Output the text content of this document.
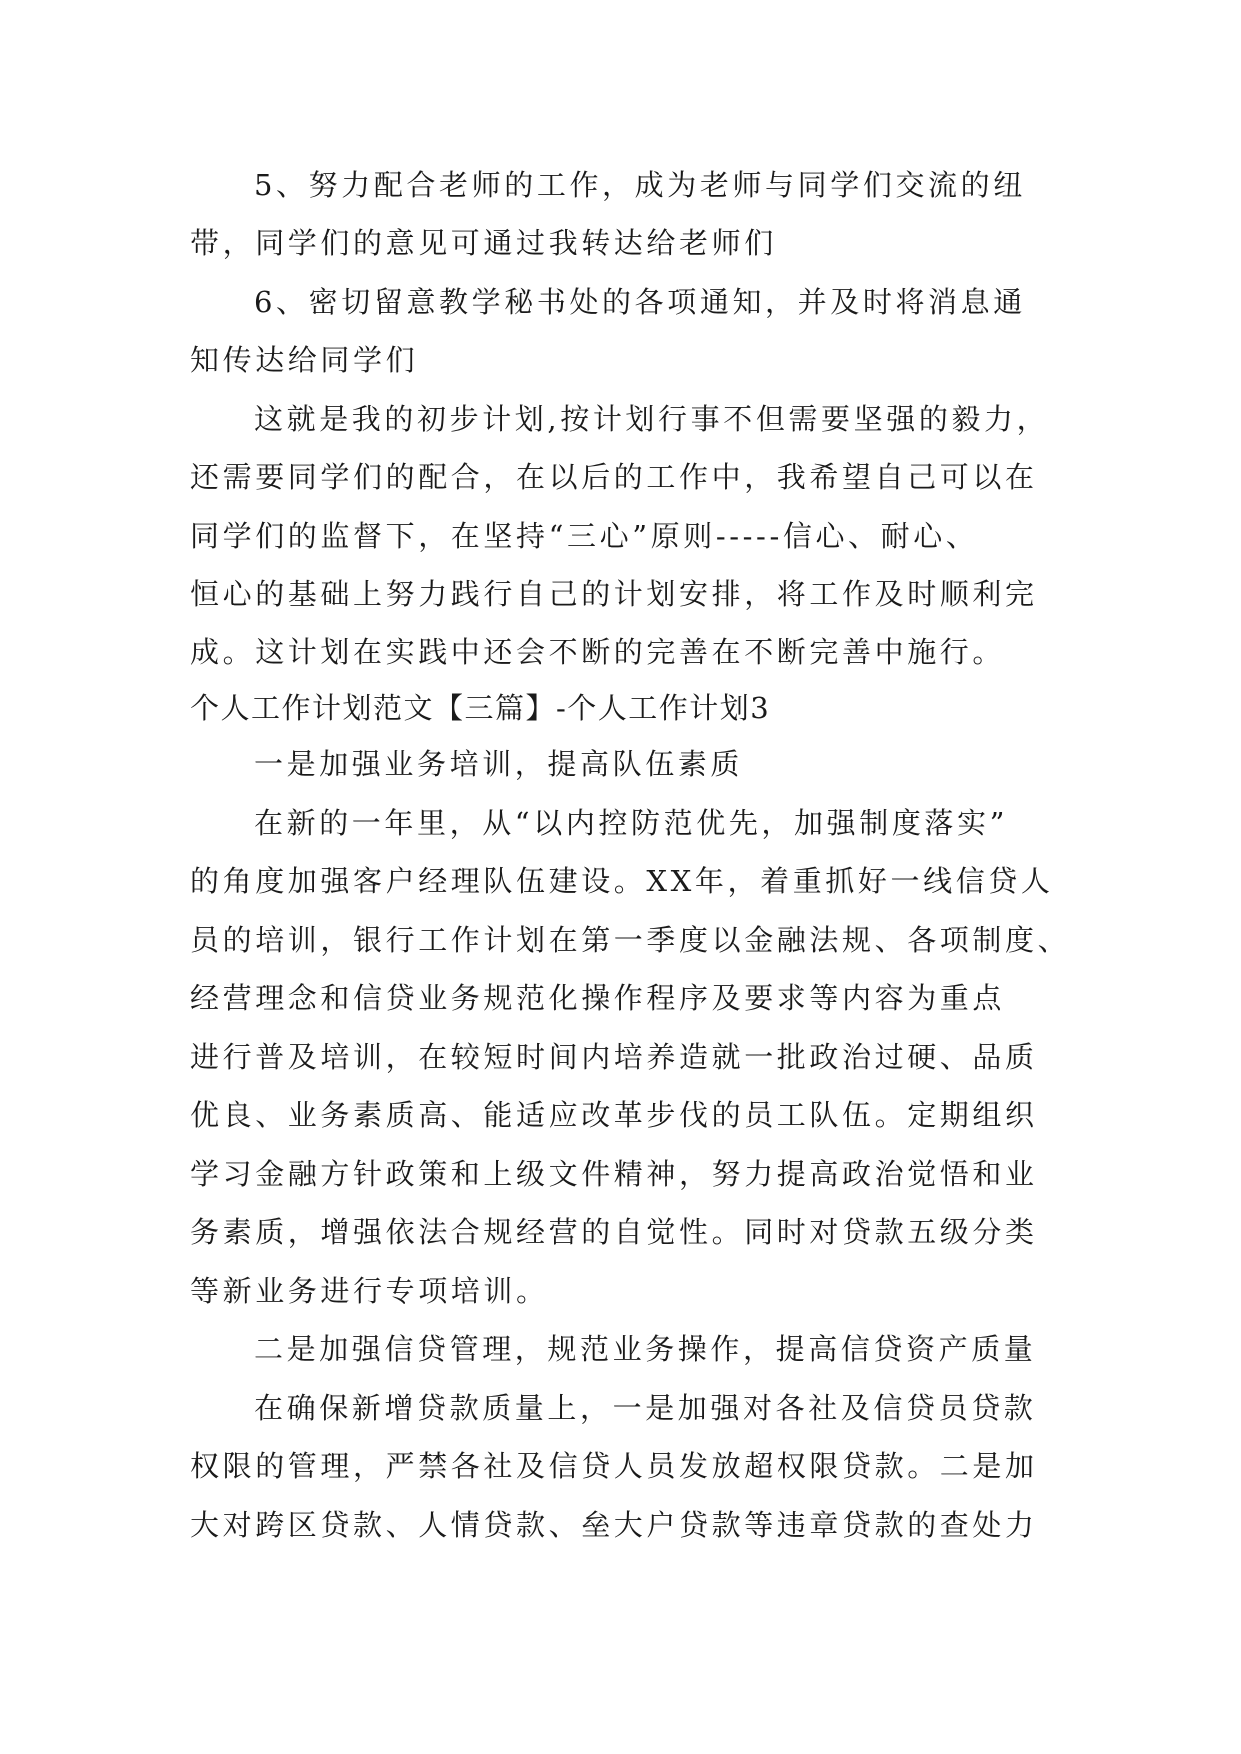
5、努力配合老师的工作，成为老师与同学们交流的纽
带，同学们的意见可通过我转达给老师们
6、密切留意教学秘书处的各项通知，并及时将消息通
知传达给同学们
这就是我的初步计划,按计划行事不但需要坚强的毅力，
还需要同学们的配合，在以后的工作中，我希望自己可以在
同学们的监督下，在坚持“三心”原则-----信心、耐心、
恒心的基础上努力践行自己的计划安排，将工作及时顺利完
成。这计划在实践中还会不断的完善在不断完善中施行。
个人工作计划范文【三篇】-个人工作计划3
一是加强业务培训，提高队伍素质
在新的一年里，从“以内控防范优先，加强制度落实”
的角度加强客户经理队伍建设。XX年，着重抓好一线信贷人
员的培训，银行工作计划在第一季度以金融法规、各项制度、
经营理念和信贷业务规范化操作程序及要求等内容为重点
进行普及培训，在较短时间内培养造就一批政治过硬、品质
优良、业务素质高、能适应改革步伐的员工队伍。定期组织
学习金融方针政策和上级文件精神，努力提高政治觉悟和业
务素质，增强依法合规经营的自觉性。同时对贷款五级分类
等新业务进行专项培训。
二是加强信贷管理，规范业务操作，提高信贷资产质量
在确保新增贷款质量上，一是加强对各社及信贷员贷款
权限的管理，严禁各社及信贷人员发放超权限贷款。二是加
大对跨区贷款、人情贷款、垒大户贷款等违章贷款的查处力
